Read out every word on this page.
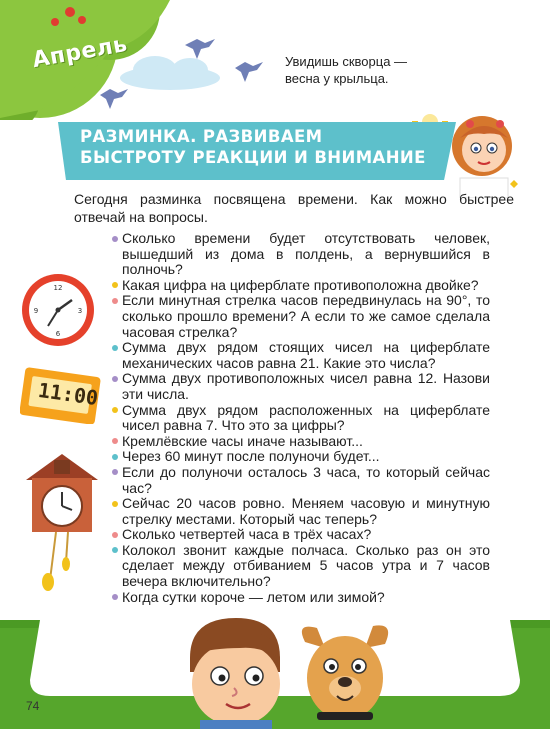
Апрель	Увидишь скворца —
весна у крыльца.
РАЗМИНКА. РАЗВИВАЕМ
БЫСТРОТУ РЕАКЦИИ И ВНИМАНИЕ

Сегодня разминка посвящена времени. Как можно быстрее отвечай на вопросы.

Сколько времени будет отсутствовать человек, вышедший из дома в полдень, а вернувшийся в полночь?
Какая цифра на циферблате противоположна двойке?
Если минутная стрелка часов передвинулась на 90°, то сколько прошло времени? А если то же самое сделала часовая стрелка?
Сумма двух рядом стоящих чисел на циферблате механических часов равна 21. Какие это числа?
Сумма двух противоположных чисел равна 12. Назови эти числа.
Сумма двух рядом расположенных на циферблате чисел равна 7. Что это за цифры?
Кремлёвские часы иначе называют...
Через 60 минут после полуночи будет...
Если до полуночи осталось 3 часа, то который сейчас час?
Сейчас 20 часов ровно. Меняем часовую и минутную стрелку местами. Который час теперь?
Сколько четвертей часа в трёх часах?
Колокол звонит каждые полчаса. Сколько раз он это сделает между отбиванием 5 часов утра и 7 часов вечера включительно?
Когда сутки короче — летом или зимой?
12
3
6
9
11:00
74
